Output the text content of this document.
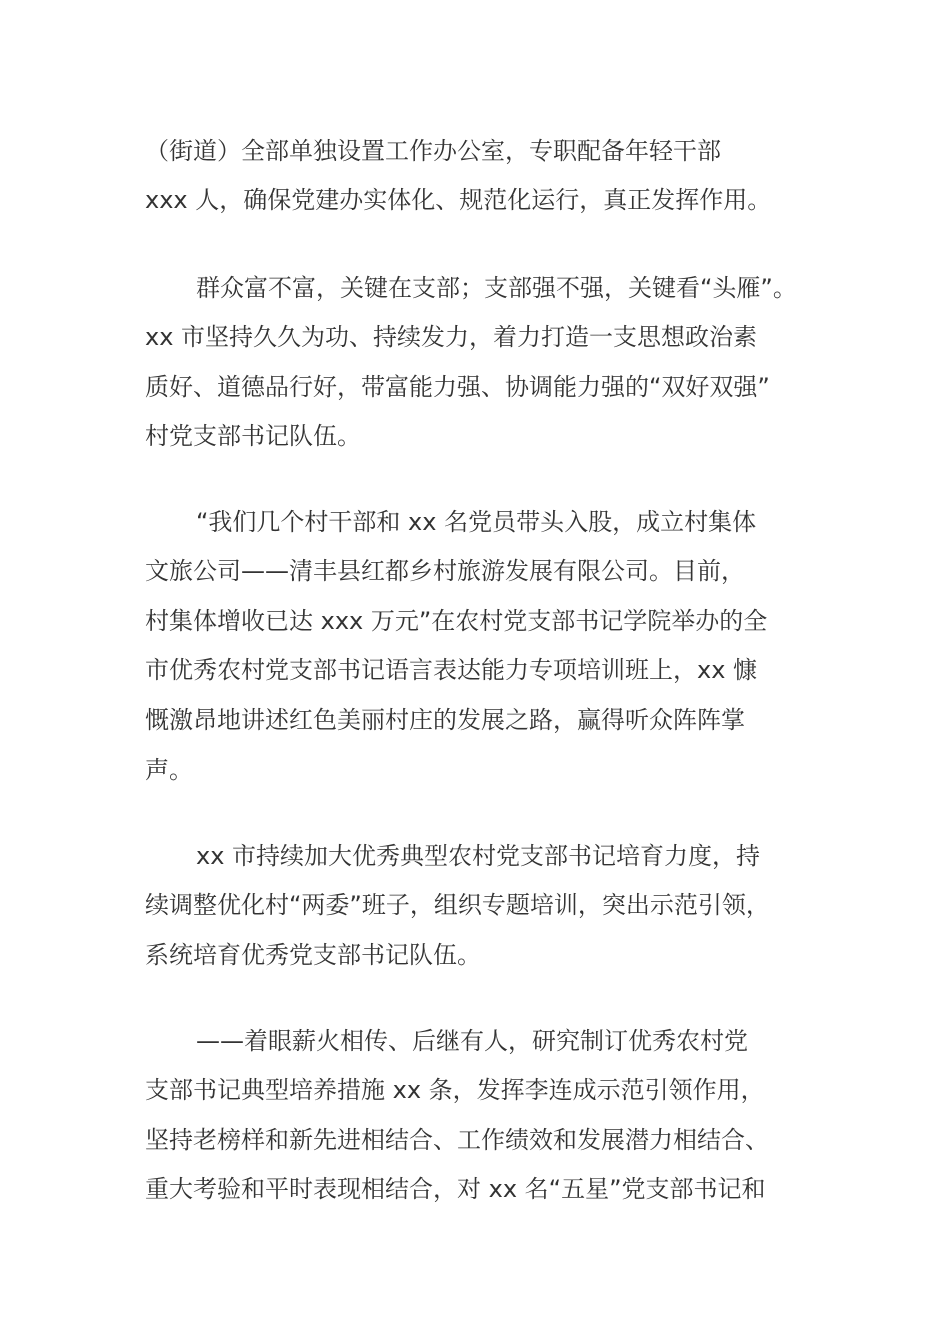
（街道）全部单独设置工作办公室，专职配备年轻干部
xxx 人，确保党建办实体化、规范化运行，真正发挥作用。
群众富不富，关键在支部；支部强不强，关键看“头雁”。
xx 市坚持久久为功、持续发力，着力打造一支思想政治素
质好、道德品行好，带富能力强、协调能力强的“双好双强”
村党支部书记队伍。
“我们几个村干部和 xx 名党员带头入股，成立村集体
文旅公司——清丰县红都乡村旅游发展有限公司。目前，
村集体增收已达 xxx 万元”在农村党支部书记学院举办的全
市优秀农村党支部书记语言表达能力专项培训班上，xx 慷
慨激昂地讲述红色美丽村庄的发展之路，赢得听众阵阵掌
声。
xx 市持续加大优秀典型农村党支部书记培育力度，持
续调整优化村“两委”班子，组织专题培训，突出示范引领，
系统培育优秀党支部书记队伍。
——着眼薪火相传、后继有人，研究制订优秀农村党
支部书记典型培养措施 xx 条，发挥李连成示范引领作用，
坚持老榜样和新先进相结合、工作绩效和发展潜力相结合、
重大考验和平时表现相结合，对 xx 名“五星”党支部书记和
